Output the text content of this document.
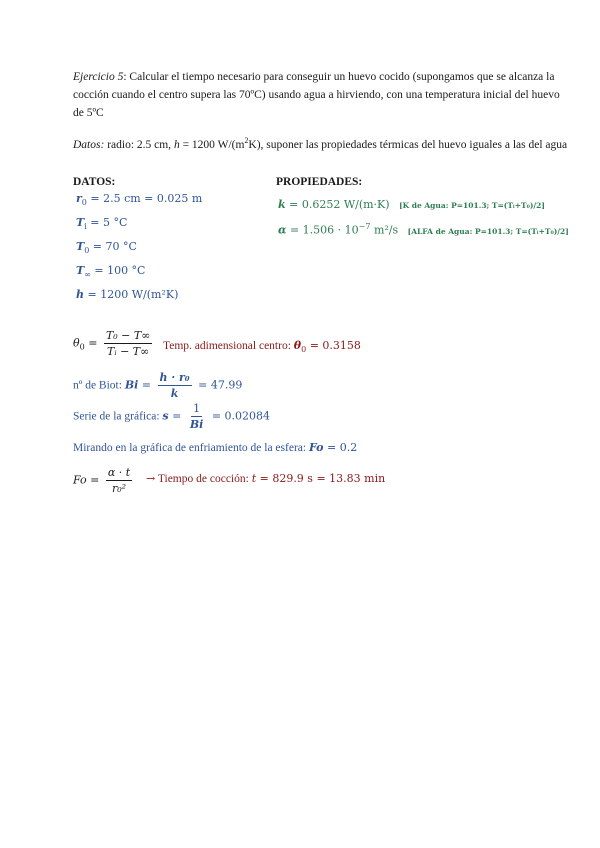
Ejercicio 5: Calcular el tiempo necesario para conseguir un huevo cocido (supongamos que se alcanza la
cocción cuando el centro supera las 70ºC) usando agua a hirviendo, con una temperatura inicial del huevo
de 5ºC
Datos: radio: 2.5 cm, h = 1200 $W/(m^2K)$, suponer las propiedades térmicas del huevo iguales a las del agua
DATOS:
$r_0 = 2.5$ cm = 0.025 m
$T_i = 5$ °C
$T_0 = 70$ °C
$T_\infty = 100$ °C
h = 1200 W/(m²K)
PROPIEDADES:
k = 0.6252 W/(m·K) [K de Agua: P=101.3; T=(Tᵢ+T₀)/2]
$\alpha = 1.506 \cdot 10^{-7}$ m²/s [ALFA de Agua: P=101.3; T=(Tᵢ+T₀)/2]
$\theta_0 = \frac{\text{T₀ − T∞}}{\text{Tᵢ − T∞}}$ Temp. adimensional centro: $\theta_0 = 0.3158$
nº de Biot: $Bi = \frac{\text{h · r₀}}{k} = 47.99$
Serie de la gráfica: $s = \frac{1}{Bi} = 0.02084$
Mirando en la gráfica de enfriamiento de la esfera: Fo = 0.2
$Fo = \frac{\alpha \cdot t}{\text{r₀²}}$ → Tiempo de cocción: t = 829.9 s = 13.83 min
